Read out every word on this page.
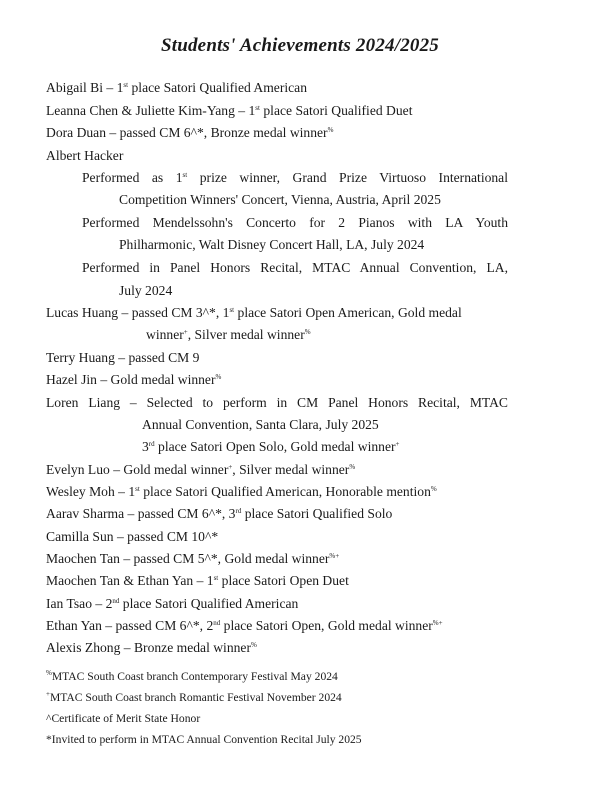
Students' Achievements 2024/2025
Abigail Bi – 1st place Satori Qualified American
Leanna Chen & Juliette Kim-Yang – 1st place Satori Qualified Duet
Dora Duan – passed CM 6^*, Bronze medal winner%
Albert Hacker
Performed as 1st prize winner, Grand Prize Virtuoso International
Competition Winners' Concert, Vienna, Austria, April 2025
Performed Mendelssohn's Concerto for 2 Pianos with LA Youth
Philharmonic, Walt Disney Concert Hall, LA, July 2024
Performed in Panel Honors Recital, MTAC Annual Convention, LA,
July 2024
Lucas Huang – passed CM 3^*, 1st place Satori Open American, Gold medal
winner+, Silver medal winner%
Terry Huang – passed CM 9
Hazel Jin – Gold medal winner%
Loren Liang – Selected to perform in CM Panel Honors Recital, MTAC
Annual Convention, Santa Clara, July 2025
3rd place Satori Open Solo, Gold medal winner+
Evelyn Luo – Gold medal winner+, Silver medal winner%
Wesley Moh – 1st place Satori Qualified American, Honorable mention%
Aarav Sharma – passed CM 6^*, 3rd place Satori Qualified Solo
Camilla Sun – passed CM 10^*
Maochen Tan – passed CM 5^*, Gold medal winner%+
Maochen Tan & Ethan Yan – 1st place Satori Open Duet
Ian Tsao – 2nd place Satori Qualified American
Ethan Yan – passed CM 6^*, 2nd place Satori Open, Gold medal winner%+
Alexis Zhong – Bronze medal winner%
%MTAC South Coast branch Contemporary Festival May 2024
+MTAC South Coast branch Romantic Festival November 2024
^Certificate of Merit State Honor
*Invited to perform in MTAC Annual Convention Recital July 2025
